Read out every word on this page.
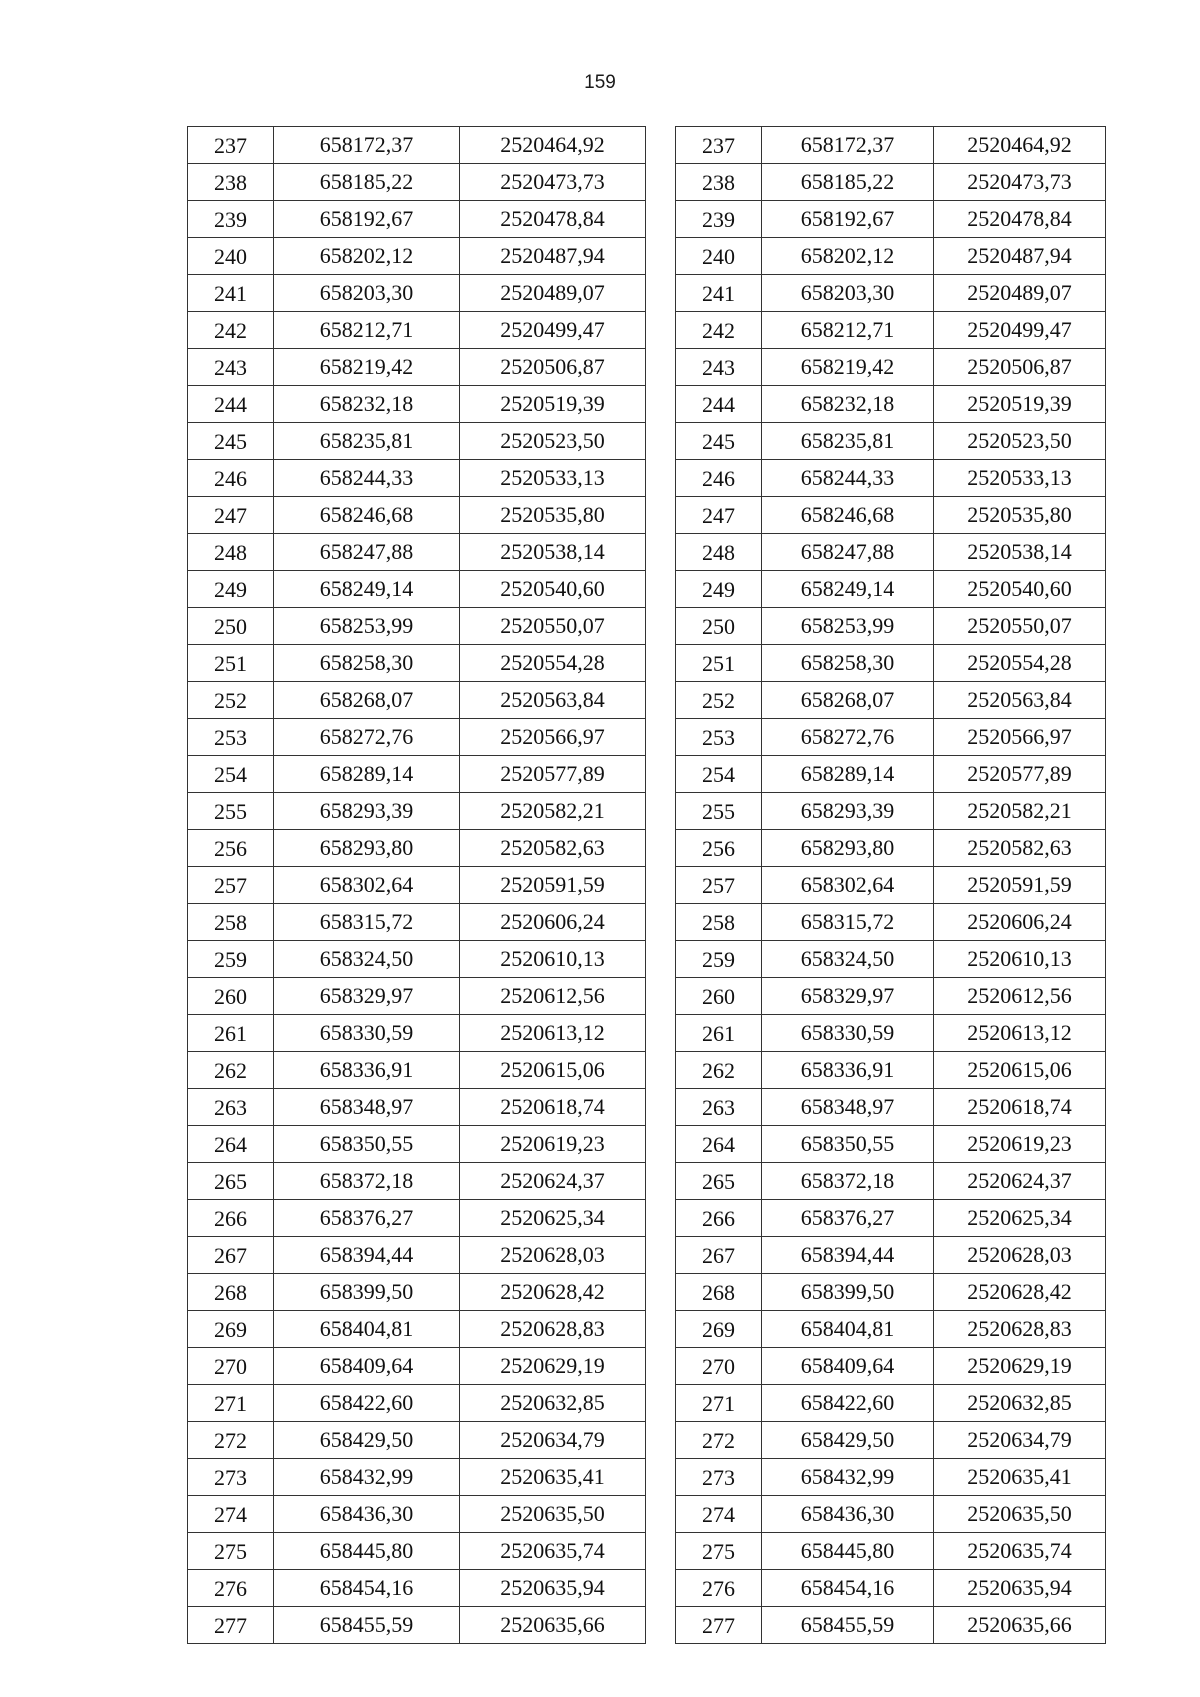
159
237	658172,37	2520464,92
238	658185,22	2520473,73
239	658192,67	2520478,84
240	658202,12	2520487,94
241	658203,30	2520489,07
242	658212,71	2520499,47
243	658219,42	2520506,87
244	658232,18	2520519,39
245	658235,81	2520523,50
246	658244,33	2520533,13
247	658246,68	2520535,80
248	658247,88	2520538,14
249	658249,14	2520540,60
250	658253,99	2520550,07
251	658258,30	2520554,28
252	658268,07	2520563,84
253	658272,76	2520566,97
254	658289,14	2520577,89
255	658293,39	2520582,21
256	658293,80	2520582,63
257	658302,64	2520591,59
258	658315,72	2520606,24
259	658324,50	2520610,13
260	658329,97	2520612,56
261	658330,59	2520613,12
262	658336,91	2520615,06
263	658348,97	2520618,74
264	658350,55	2520619,23
265	658372,18	2520624,37
266	658376,27	2520625,34
267	658394,44	2520628,03
268	658399,50	2520628,42
269	658404,81	2520628,83
270	658409,64	2520629,19
271	658422,60	2520632,85
272	658429,50	2520634,79
273	658432,99	2520635,41
274	658436,30	2520635,50
275	658445,80	2520635,74
276	658454,16	2520635,94
277	658455,59	2520635,66
237	658172,37	2520464,92
238	658185,22	2520473,73
239	658192,67	2520478,84
240	658202,12	2520487,94
241	658203,30	2520489,07
242	658212,71	2520499,47
243	658219,42	2520506,87
244	658232,18	2520519,39
245	658235,81	2520523,50
246	658244,33	2520533,13
247	658246,68	2520535,80
248	658247,88	2520538,14
249	658249,14	2520540,60
250	658253,99	2520550,07
251	658258,30	2520554,28
252	658268,07	2520563,84
253	658272,76	2520566,97
254	658289,14	2520577,89
255	658293,39	2520582,21
256	658293,80	2520582,63
257	658302,64	2520591,59
258	658315,72	2520606,24
259	658324,50	2520610,13
260	658329,97	2520612,56
261	658330,59	2520613,12
262	658336,91	2520615,06
263	658348,97	2520618,74
264	658350,55	2520619,23
265	658372,18	2520624,37
266	658376,27	2520625,34
267	658394,44	2520628,03
268	658399,50	2520628,42
269	658404,81	2520628,83
270	658409,64	2520629,19
271	658422,60	2520632,85
272	658429,50	2520634,79
273	658432,99	2520635,41
274	658436,30	2520635,50
275	658445,80	2520635,74
276	658454,16	2520635,94
277	658455,59	2520635,66
